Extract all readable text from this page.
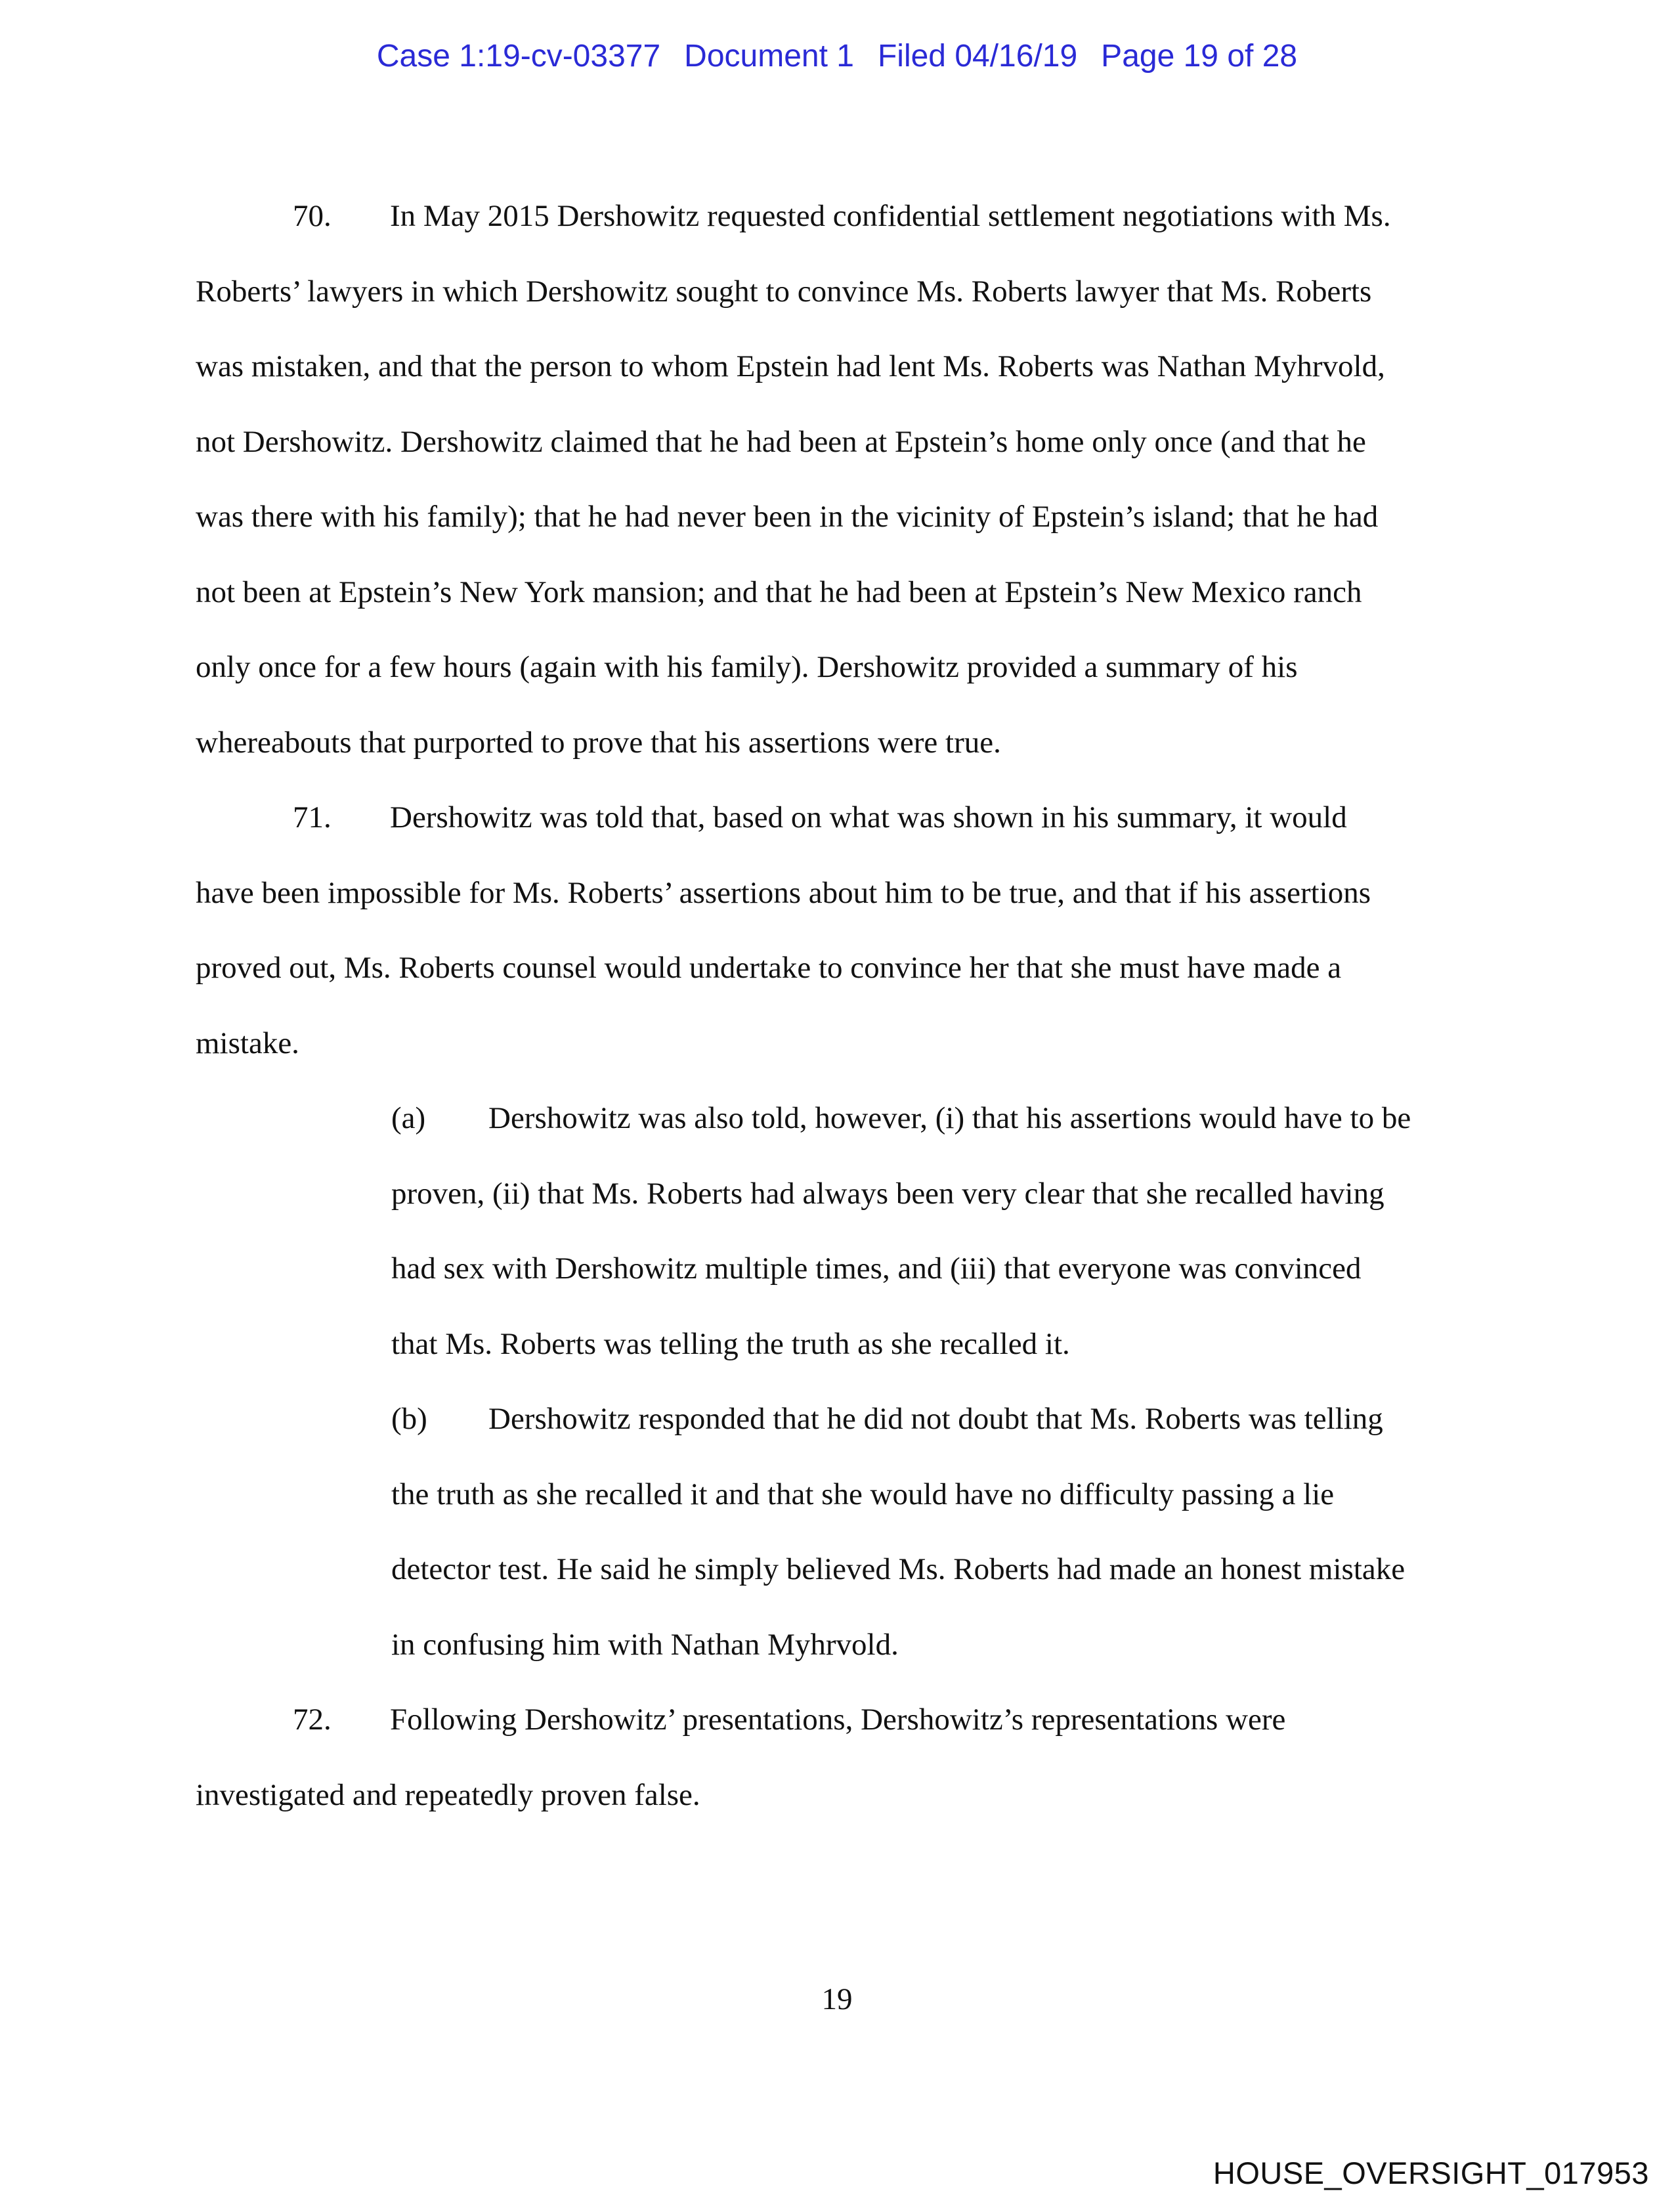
Case 1:19-cv-03377 Document 1 Filed 04/16/19 Page 19 of 28
70. In May 2015 Dershowitz requested confidential settlement negotiations with Ms.
Roberts’ lawyers in which Dershowitz sought to convince Ms. Roberts lawyer that Ms. Roberts
was mistaken, and that the person to whom Epstein had lent Ms. Roberts was Nathan Myhrvold,
not Dershowitz. Dershowitz claimed that he had been at Epstein’s home only once (and that he
was there with his family); that he had never been in the vicinity of Epstein’s island; that he had
not been at Epstein’s New York mansion; and that he had been at Epstein’s New Mexico ranch
only once for a few hours (again with his family). Dershowitz provided a summary of his
whereabouts that purported to prove that his assertions were true.
71. Dershowitz was told that, based on what was shown in his summary, it would
have been impossible for Ms. Roberts’ assertions about him to be true, and that if his assertions
proved out, Ms. Roberts counsel would undertake to convince her that she must have made a
mistake.
(a) Dershowitz was also told, however, (i) that his assertions would have to be
proven, (ii) that Ms. Roberts had always been very clear that she recalled having
had sex with Dershowitz multiple times, and (iii) that everyone was convinced
that Ms. Roberts was telling the truth as she recalled it.
(b) Dershowitz responded that he did not doubt that Ms. Roberts was telling
the truth as she recalled it and that she would have no difficulty passing a lie
detector test. He said he simply believed Ms. Roberts had made an honest mistake
in confusing him with Nathan Myhrvold.
72. Following Dershowitz’ presentations, Dershowitz’s representations were
investigated and repeatedly proven false.
19
HOUSE_OVERSIGHT_017953
